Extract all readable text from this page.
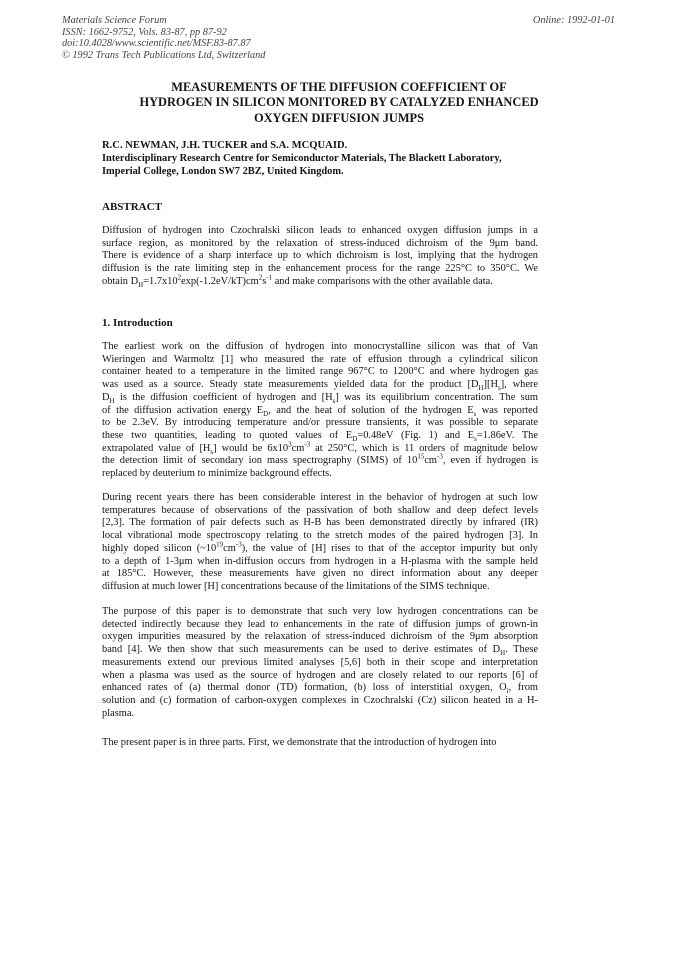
Materials Science Forum
ISSN: 1662-9752, Vols. 83-87, pp 87-92
doi:10.4028/www.scientific.net/MSF.83-87.87
© 1992 Trans Tech Publications Ltd, Switzerland
Online: 1992-01-01
MEASUREMENTS OF THE DIFFUSION COEFFICIENT OF
HYDROGEN IN SILICON MONITORED BY CATALYZED ENHANCED
OXYGEN DIFFUSION JUMPS
R.C. NEWMAN, J.H. TUCKER and S.A. MCQUAID.
Interdisciplinary Research Centre for Semiconductor Materials, The Blackett Laboratory,
Imperial College, London SW7 2BZ, United Kingdom.
ABSTRACT
Diffusion of hydrogen into Czochralski silicon leads to enhanced oxygen diffusion jumps in a
surface region, as monitored by the relaxation of stress-induced dichroism of the 9μm band.
There is evidence of a sharp interface up to which dichroism is lost, implying that the hydrogen
diffusion is the rate limiting step in the enhancement process for the range 225°C to 350°C. We
obtain $D_H=1.7x10^2\exp(-1.2eV/kT)cm^2s^{-1}$ and make comparisons with the other available data.
1. Introduction
The earliest work on the diffusion of hydrogen into monocrystalline silicon was that of Van
Wieringen and Warmoltz [1] who measured the rate of effusion through a cylindrical silicon
container heated to a temperature in the limited range 967°C to 1200°C and where hydrogen gas
was used as a source. Steady state measurements yielded data for the product $[D_H][H_s]$, where
$D_H$ is the diffusion coefficient of hydrogen and $[H_s]$ was its equilibrium concentration. The sum
of the diffusion activation energy $E_D$, and the heat of solution of the hydrogen $E_s$ was reported
to be 2.3eV. By introducing temperature and/or pressure transients, it was possible to separate
these two quantities, leading to quoted values of $E_D=0.48eV$ (Fig. 1) and $E_s=1.86eV$. The
extrapolated value of $[H_s]$ would be $6x10^3cm^{-3}$ at 250°C, which is 11 orders of magnitude below
the detection limit of secondary ion mass spectrography (SIMS) of $10^{15}cm^{-3}$, even if hydrogen is
replaced by deuterium to minimize background effects.
During recent years there has been considerable interest in the behavior of hydrogen at such low
temperatures because of observations of the passivation of both shallow and deep defect levels
[2,3]. The formation of pair defects such as H-B has been demonstrated directly by infrared (IR)
local vibrational mode spectroscopy relating to the stretch modes of the paired hydrogen [3]. In
highly doped silicon $(\sim 10^{19}cm^{-3})$, the value of [H] rises to that of the acceptor impurity but only
to a depth of 1-3μm when in-diffusion occurs from hydrogen in a H-plasma with the sample held
at 185°C. However, these measurements have given no direct information about any deeper
diffusion at much lower [H] concentrations because of the limitations of the SIMS technique.
The purpose of this paper is to demonstrate that such very low hydrogen concentrations can be
detected indirectly because they lead to enhancements in the rate of diffusion jumps of grown-in
oxygen impurities measured by the relaxation of stress-induced dichroism of the 9μm absorption
band [4]. We then show that such measurements can be used to derive estimates of $D_H$. These
measurements extend our previous limited analyses [5,6] both in their scope and interpretation
when a plasma was used as the source of hydrogen and are closely related to our reports [6] of
enhanced rates of (a) thermal donor (TD) formation, (b) loss of interstitial oxygen, $O_i$, from
solution and (c) formation of carbon-oxygen complexes in Czochralski (Cz) silicon heated in a H-
plasma.
The present paper is in three parts. First, we demonstrate that the introduction of hydrogen into
